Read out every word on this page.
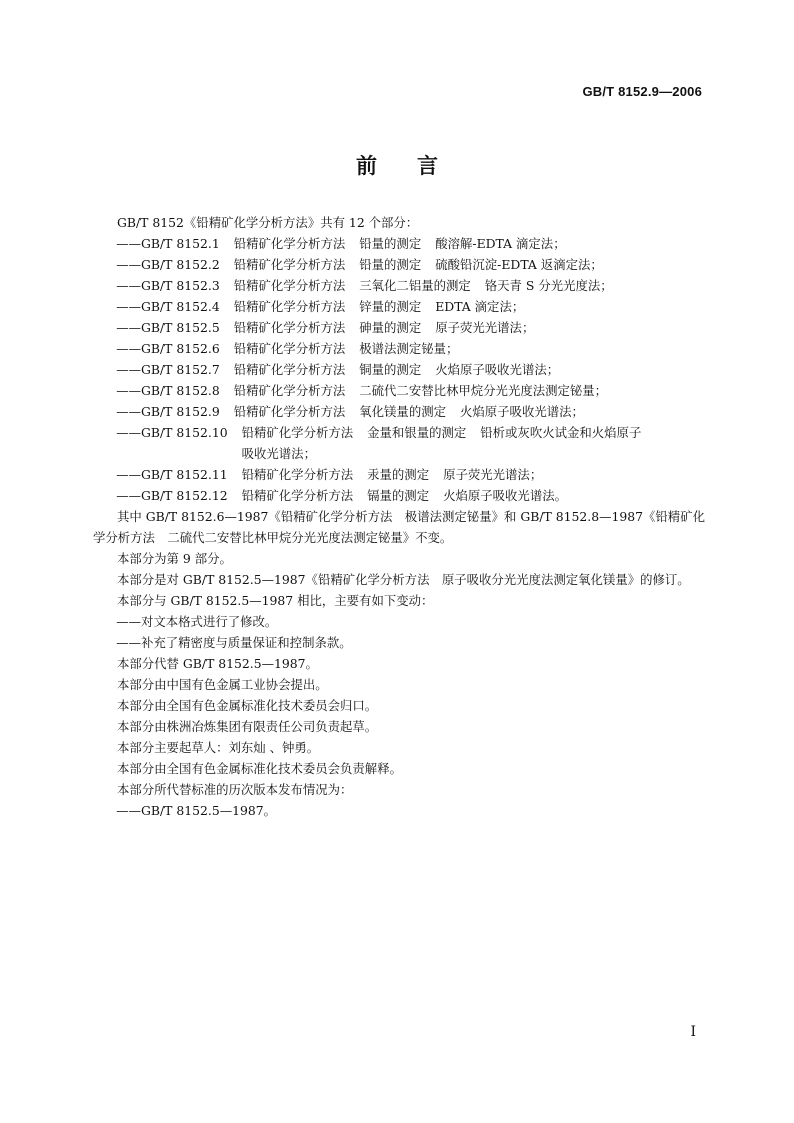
GB/T 8152.9—2006
前言

GB/T 8152《铅精矿化学分析方法》共有 12 个部分：

—— GB/T 8152.1 铅精矿化学分析方法 铅量的测定 酸溶解-EDTA 滴定法；
—— GB/T 8152.2 铅精矿化学分析方法 铅量的测定 硫酸铅沉淀-EDTA 返滴定法；
—— GB/T 8152.3 铅精矿化学分析方法 三氧化二铝量的测定 铬天青 S 分光光度法；
—— GB/T 8152.4 铅精矿化学分析方法 锌量的测定 EDTA 滴定法；
—— GB/T 8152.5 铅精矿化学分析方法 砷量的测定 原子荧光光谱法；
—— GB/T 8152.6 铅精矿化学分析方法 极谱法测定铋量；
—— GB/T 8152.7 铅精矿化学分析方法 铜量的测定 火焰原子吸收光谱法；
—— GB/T 8152.8 铅精矿化学分析方法 二硫代二安替比林甲烷分光光度法测定铋量；
—— GB/T 8152.9 铅精矿化学分析方法 氧化镁量的测定 火焰原子吸收光谱法；
—— GB/T 8152.10 铅精矿化学分析方法 金量和银量的测定 铅析或灰吹火试金和火焰原子
吸收光谱法；
—— GB/T 8152.11 铅精矿化学分析方法 汞量的测定 原子荧光光谱法；
—— GB/T 8152.12 铅精矿化学分析方法 镉量的测定 火焰原子吸收光谱法。

其中 GB/T 8152.6—1987《铅精矿化学分析方法　极谱法测定铋量》和 GB/T 8152.8—1987《铅精矿化学分析方法　二硫代二安替比林甲烷分光光度法测定铋量》不变。

本部分为第 9 部分。

本部分是对 GB/T 8152.5—1987《铅精矿化学分析方法　原子吸收分光光度法测定氧化镁量》的修订。

本部分与 GB/T 8152.5—1987 相比，主要有如下变动：

—— 对文本格式进行了修改。
—— 补充了精密度与质量保证和控制条款。

本部分代替 GB/T 8152.5—1987。

本部分由中国有色金属工业协会提出。

本部分由全国有色金属标准化技术委员会归口。

本部分由株洲冶炼集团有限责任公司负责起草。

本部分主要起草人：刘东灿 、钟勇。

本部分由全国有色金属标准化技术委员会负责解释。

本部分所代替标准的历次版本发布情况为：

—— GB/T 8152.5—1987。
I
